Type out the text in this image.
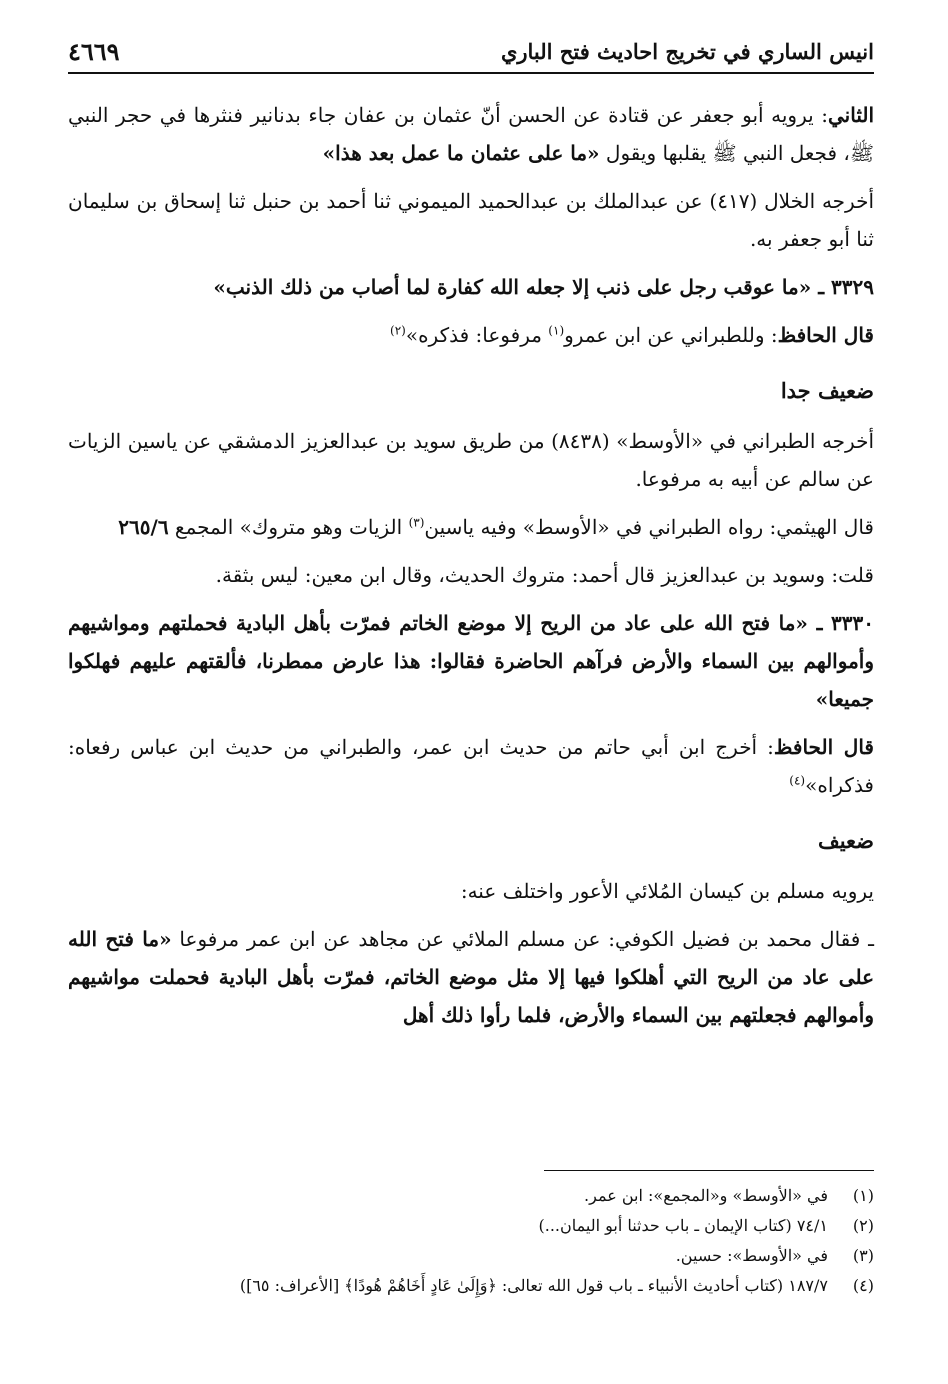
انيس الساري في تخريج احاديث فتح الباري
٤٦٦٩

الثاني: يرويه أبو جعفر عن قتادة عن الحسن أنّ عثمان بن عفان جاء بدنانير فنثرها في حجر النبي ﷺ، فجعل النبي ﷺ يقلبها ويقول «ما على عثمان ما عمل بعد هذا»

أخرجه الخلال (٤١٧) عن عبدالملك بن عبدالحميد الميموني ثنا أحمد بن حنبل ثنا إسحاق بن سليمان ثنا أبو جعفر به.

٣٣٢٩ ـ «ما عوقب رجل على ذنب إلا جعله الله كفارة لما أصاب من ذلك الذنب»

قال الحافظ: وللطبراني عن ابن عمرو$^{(١)}$ مرفوعا: فذكره»$^{(٢)}$

ضعيف جدا

أخرجه الطبراني في «الأوسط» (٨٤٣٨) من طريق سويد بن عبدالعزيز الدمشقي عن ياسين الزيات عن سالم عن أبيه به مرفوعا.

قال الهيثمي: رواه الطبراني في «الأوسط» وفيه ياسين$^{(٣)}$ الزيات وهو متروك» المجمع ٢٦٥/٦

قلت: وسويد بن عبدالعزيز قال أحمد: متروك الحديث، وقال ابن معين: ليس بثقة.

٣٣٣٠ ـ «ما فتح الله على عاد من الريح إلا موضع الخاتم فمرّت بأهل البادية فحملتهم ومواشيهم وأموالهم بين السماء والأرض فرآهم الحاضرة فقالوا: هذا عارض ممطرنا، فألقتهم عليهم فهلكوا جميعا»

قال الحافظ: أخرج ابن أبي حاتم من حديث ابن عمر، والطبراني من حديث ابن عباس رفعاه: فذكراه»$^{(٤)}$

ضعيف

يرويه مسلم بن كيسان المُلائي الأعور واختلف عنه:

ـ فقال محمد بن فضيل الكوفي: عن مسلم الملائي عن مجاهد عن ابن عمر مرفوعا «ما فتح الله على عاد من الريح التي أهلكوا فيها إلا مثل موضع الخاتم، فمرّت بأهل البادية فحملت مواشيهم وأموالهم فجعلتهم بين السماء والأرض، فلما رأوا ذلك أهل

(١)
في «الأوسط» و«المجمع»: ابن عمر.
(٢)
٧٤/١ (كتاب الإيمان ـ باب حدثنا أبو اليمان...)
(٣)
في «الأوسط»: حسين.
(٤)
١٨٧/٧ (كتاب أحاديث الأنبياء ـ باب قول الله تعالى: ﴿وَإِلَىٰ عَادٍ أَخَاهُمْ هُودًا﴾ [الأعراف: ٦٥])
